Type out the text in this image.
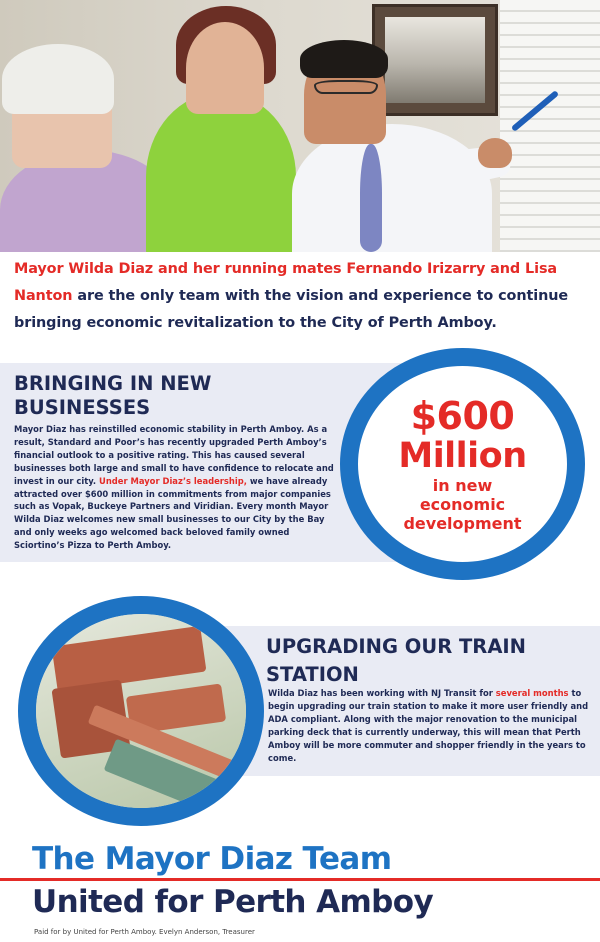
Mayor Wilda Diaz and her running mates Fernando Irizarry and Lisa Nanton are the only team with the vision and experience to continue bringing economic revitalization to the City of Perth Amboy.

BRINGING IN NEW BUSINESSES

Mayor Diaz has reinstilled economic stability in Perth Amboy. As a result, Standard and Poor’s has recently upgraded Perth Amboy’s financial outlook to a positive rating. This has caused several businesses both large and small to have confidence to relocate and invest in our city. Under Mayor Diaz’s leadership, we have already attracted over $600 million in commitments from major companies such as Vopak, Buckeye Partners and Viridian. Every month Mayor Wilda Diaz welcomes new small businesses to our City by the Bay and only weeks ago welcomed back beloved family owned Sciortino’s Pizza to Perth Amboy.

$600
Million
in new
economic
development
UPGRADING OUR TRAIN STATION

Wilda Diaz has been working with NJ Transit for several months to begin upgrading our train station to make it more user friendly and ADA compliant. Along with the major renovation to the municipal parking deck that is currently underway, this will mean that Perth Amboy will be more commuter and shopper friendly in the years to come.

The Mayor Diaz Team
United for Perth Amboy
Paid for by United for Perth Amboy. Evelyn Anderson, Treasurer
